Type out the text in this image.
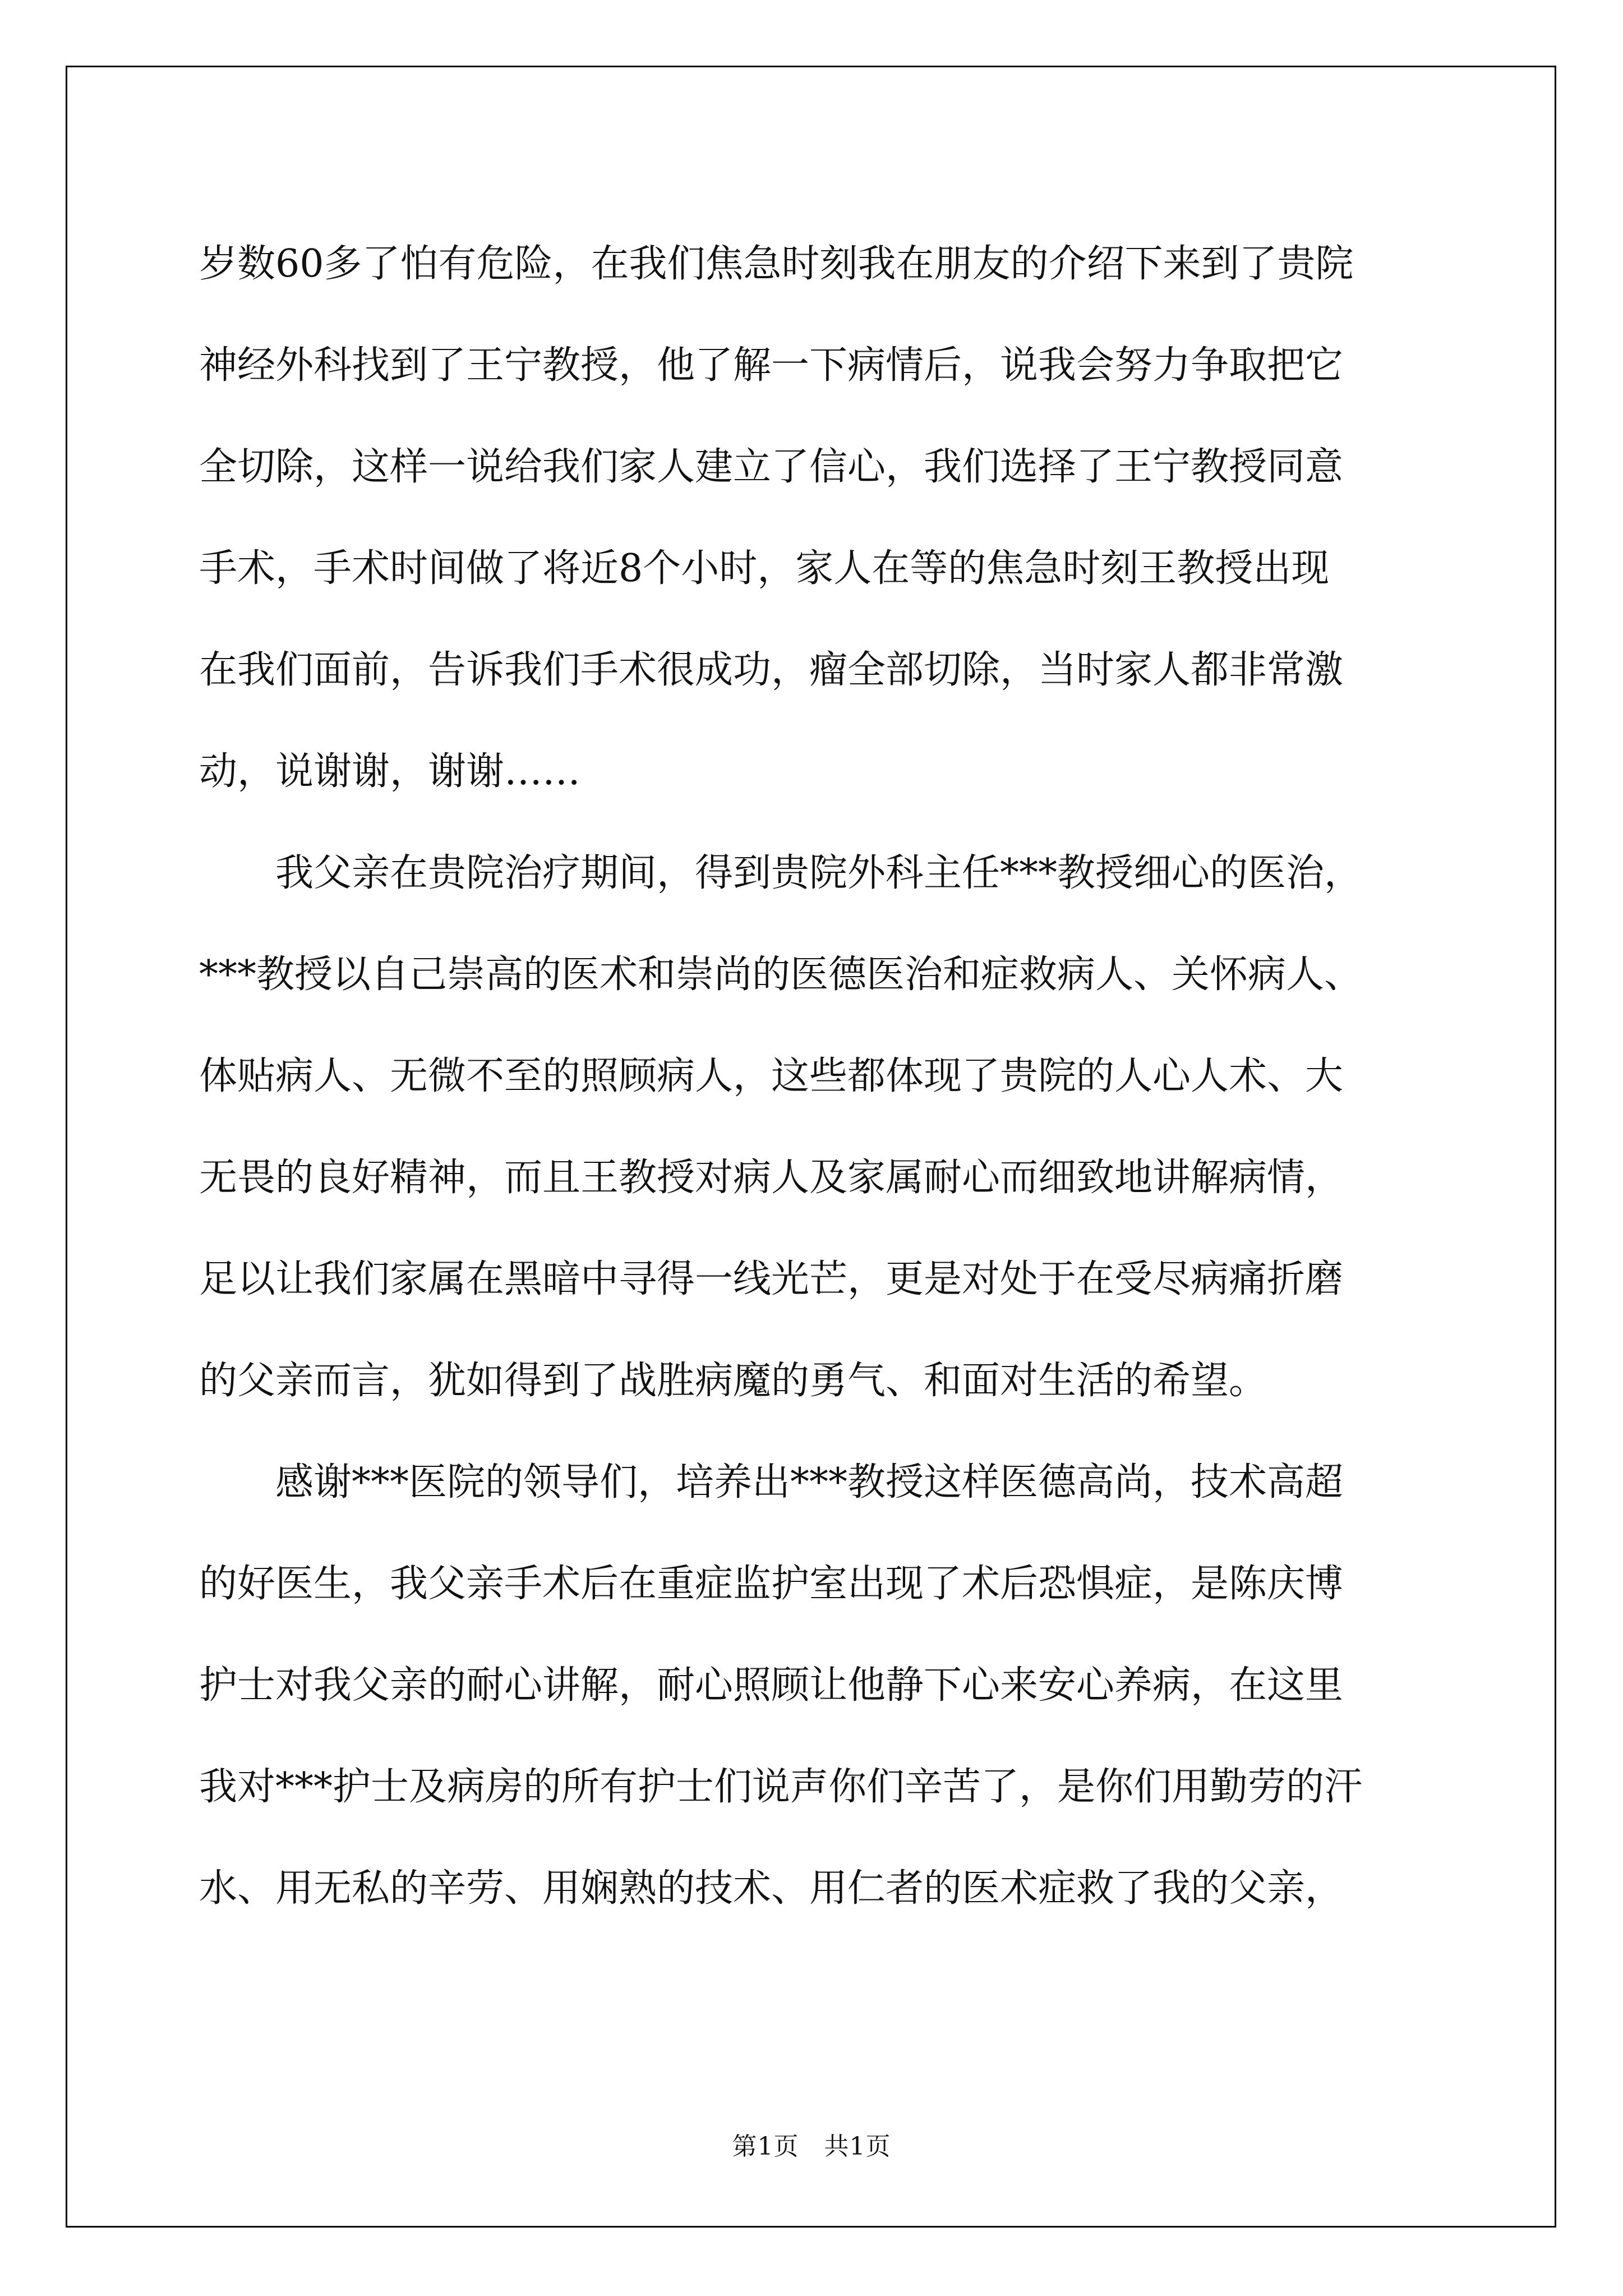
岁数60多了怕有危险，在我们焦急时刻我在朋友的介绍下来到了贵院
神经外科找到了王宁教授，他了解一下病情后，说我会努力争取把它
全切除，这样一说给我们家人建立了信心，我们选择了王宁教授同意
手术，手术时间做了将近8个小时，家人在等的焦急时刻王教授出现
在我们面前，告诉我们手术很成功，瘤全部切除，当时家人都非常激
动，说谢谢，谢谢……
我父亲在贵院治疗期间，得到贵院外科主任***教授细心的医治，
***教授以自己崇高的医术和崇尚的医德医治和症救病人、关怀病人、
体贴病人、无微不至的照顾病人，这些都体现了贵院的人心人术、大
无畏的良好精神，而且王教授对病人及家属耐心而细致地讲解病情，
足以让我们家属在黑暗中寻得一线光芒，更是对处于在受尽病痛折磨
的父亲而言，犹如得到了战胜病魔的勇气、和面对生活的希望。
感谢***医院的领导们，培养出***教授这样医德高尚，技术高超
的好医生，我父亲手术后在重症监护室出现了术后恐惧症，是陈庆博
护士对我父亲的耐心讲解，耐心照顾让他静下心来安心养病，在这里
我对***护士及病房的所有护士们说声你们辛苦了，是你们用勤劳的汗
水、用无私的辛劳、用娴熟的技术、用仁者的医术症救了我的父亲，
第1页　共1页
